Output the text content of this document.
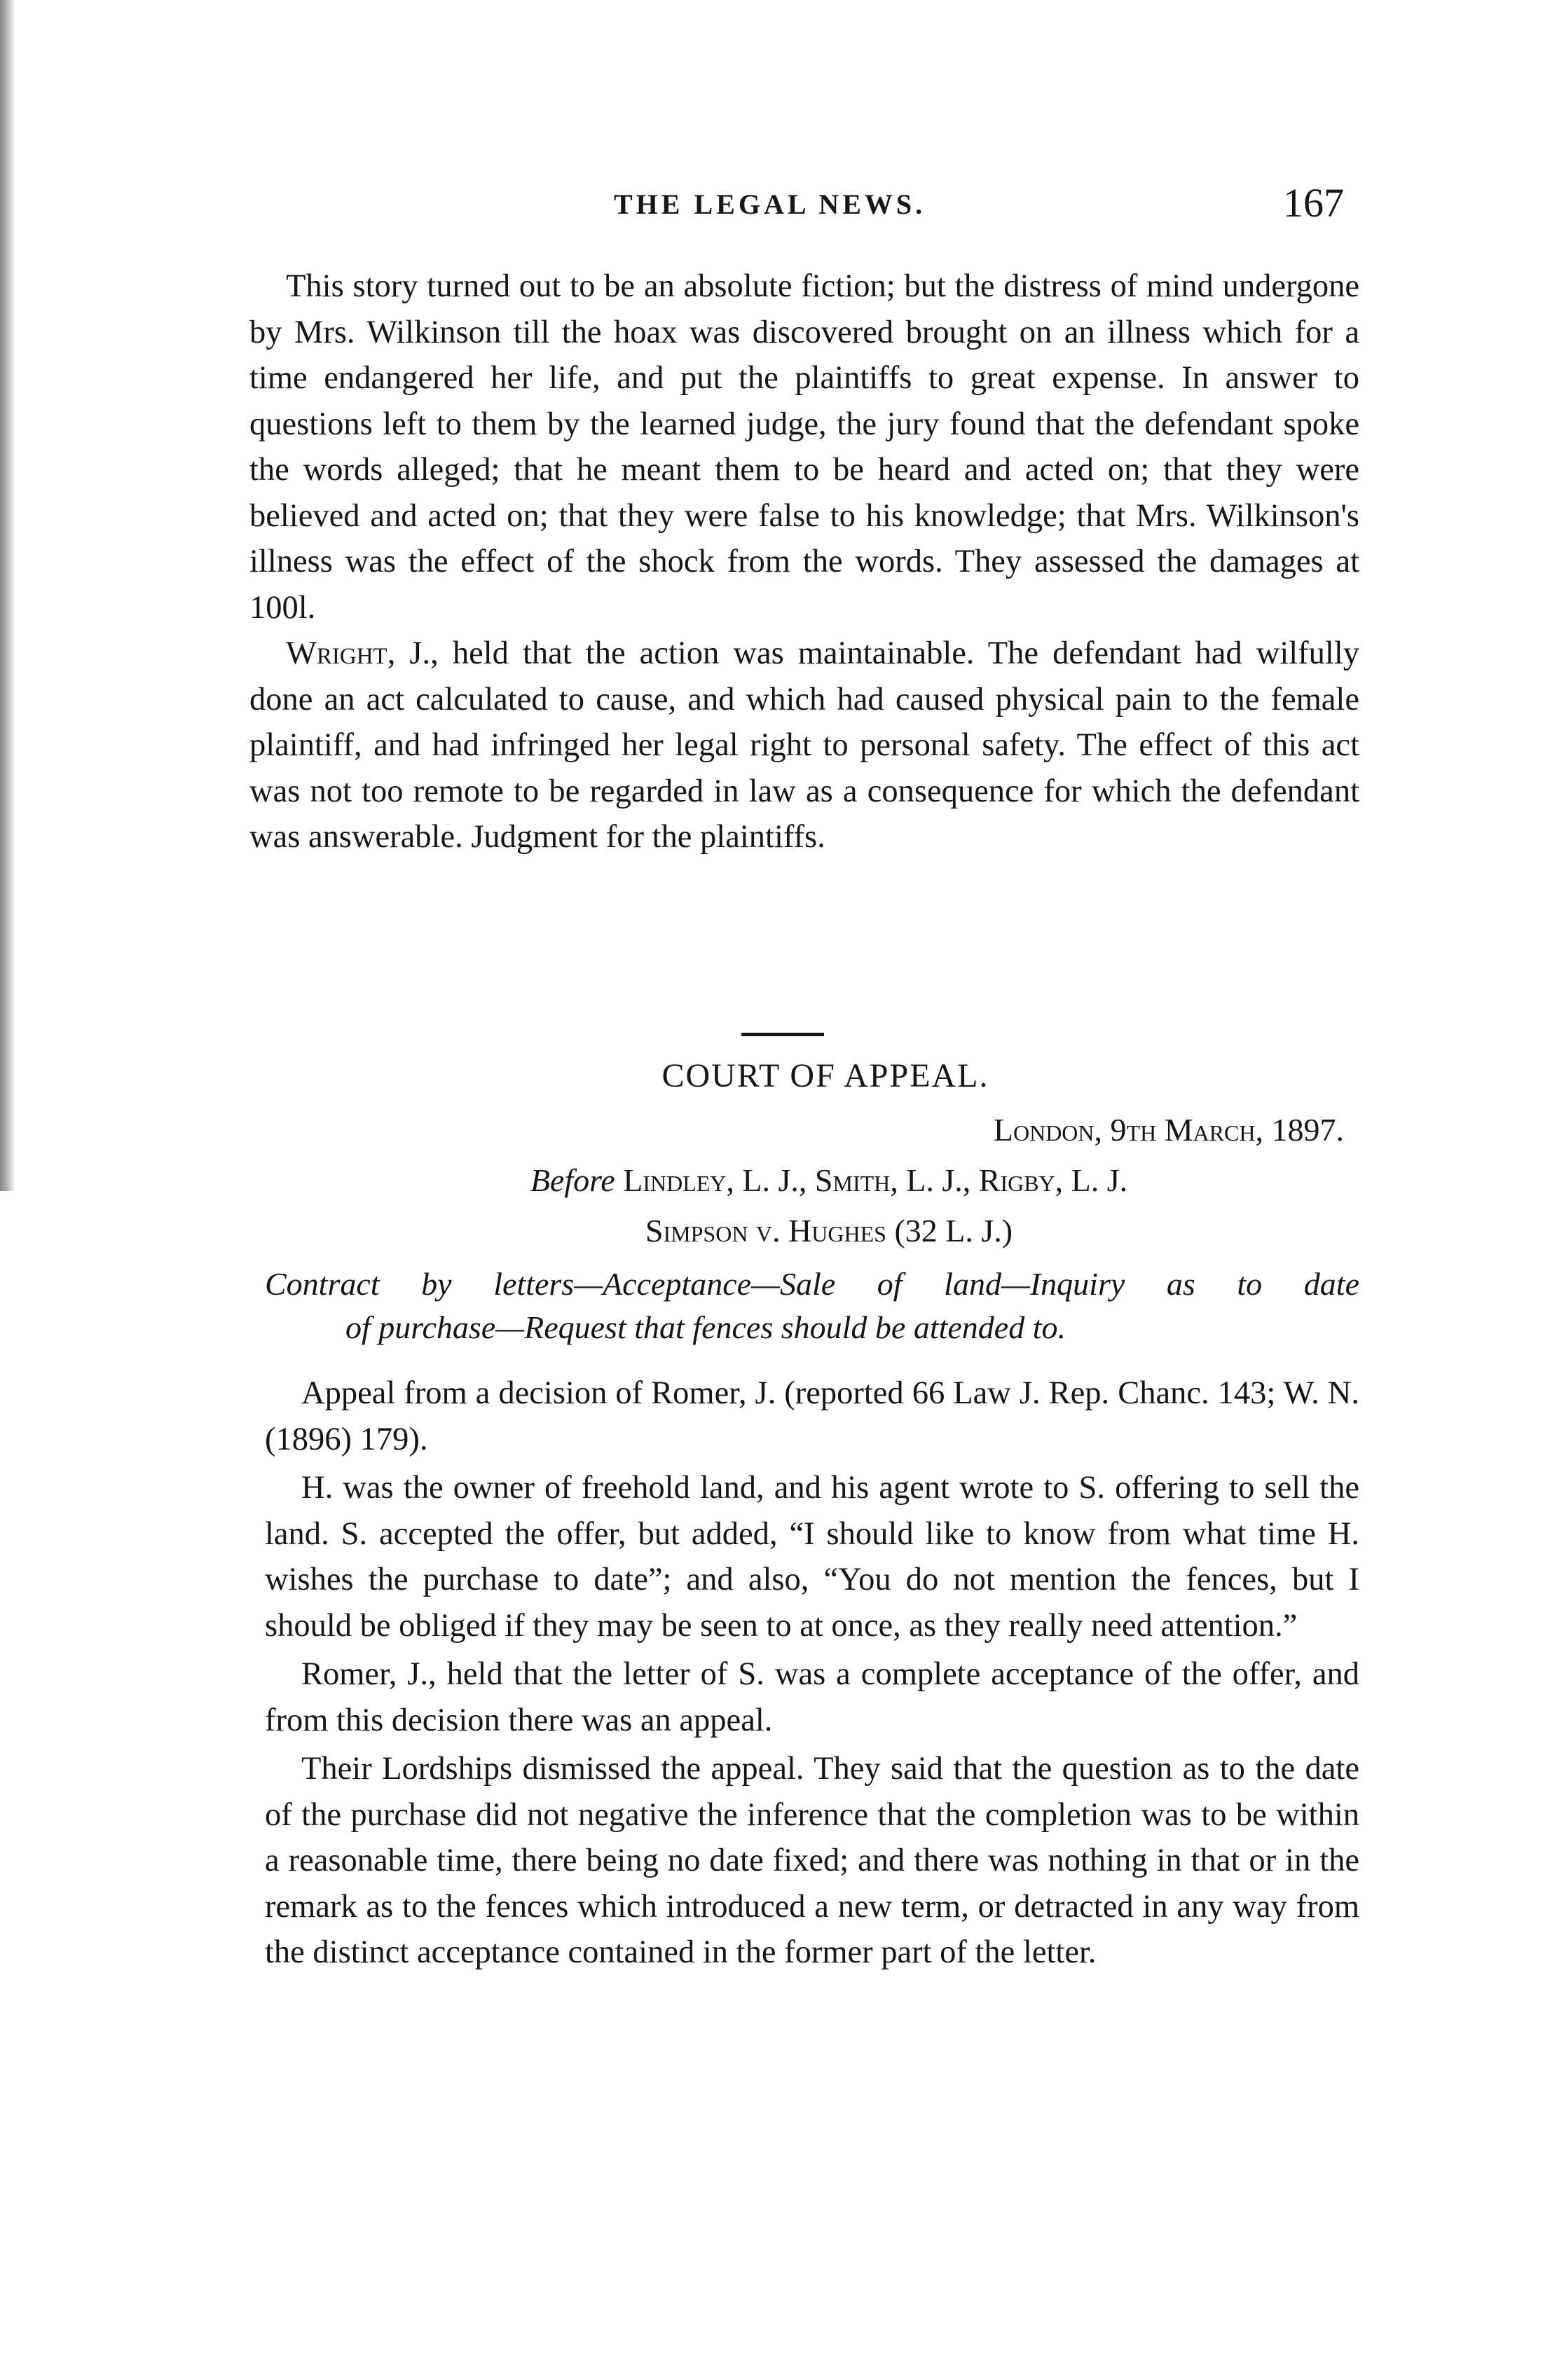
THE LEGAL NEWS.	167

This story turned out to be an absolute fiction; but the distress of mind undergone by Mrs. Wilkinson till the hoax was discovered brought on an illness which for a time endangered her life, and put the plaintiffs to great expense. In answer to questions left to them by the learned judge, the jury found that the defendant spoke the words alleged; that he meant them to be heard and acted on; that they were believed and acted on; that they were false to his knowledge; that Mrs. Wilkinson's illness was the effect of the shock from the words. They assessed the damages at 100l.

Wright, J., held that the action was maintainable. The defendant had wilfully done an act calculated to cause, and which had caused physical pain to the female plaintiff, and had infringed her legal right to personal safety. The effect of this act was not too remote to be regarded in law as a consequence for which the defendant was answerable. Judgment for the plaintiffs.

COURT OF APPEAL.
London, 9th March, 1897.
Before Lindley, L. J., Smith, L. J., Rigby, L. J.
Simpson v. Hughes (32 L. J.)
Contract by letters—Acceptance—Sale of land—Inquiry as to date
of purchase—Request that fences should be attended to.

Appeal from a decision of Romer, J. (reported 66 Law J. Rep. Chanc. 143; W. N. (1896) 179).

H. was the owner of freehold land, and his agent wrote to S. offering to sell the land. S. accepted the offer, but added, “I should like to know from what time H. wishes the purchase to date”; and also, “You do not mention the fences, but I should be obliged if they may be seen to at once, as they really need attention.”

Romer, J., held that the letter of S. was a complete acceptance of the offer, and from this decision there was an appeal.

Their Lordships dismissed the appeal. They said that the question as to the date of the purchase did not negative the inference that the completion was to be within a reasonable time, there being no date fixed; and there was nothing in that or in the remark as to the fences which introduced a new term, or detracted in any way from the distinct acceptance contained in the former part of the letter.
